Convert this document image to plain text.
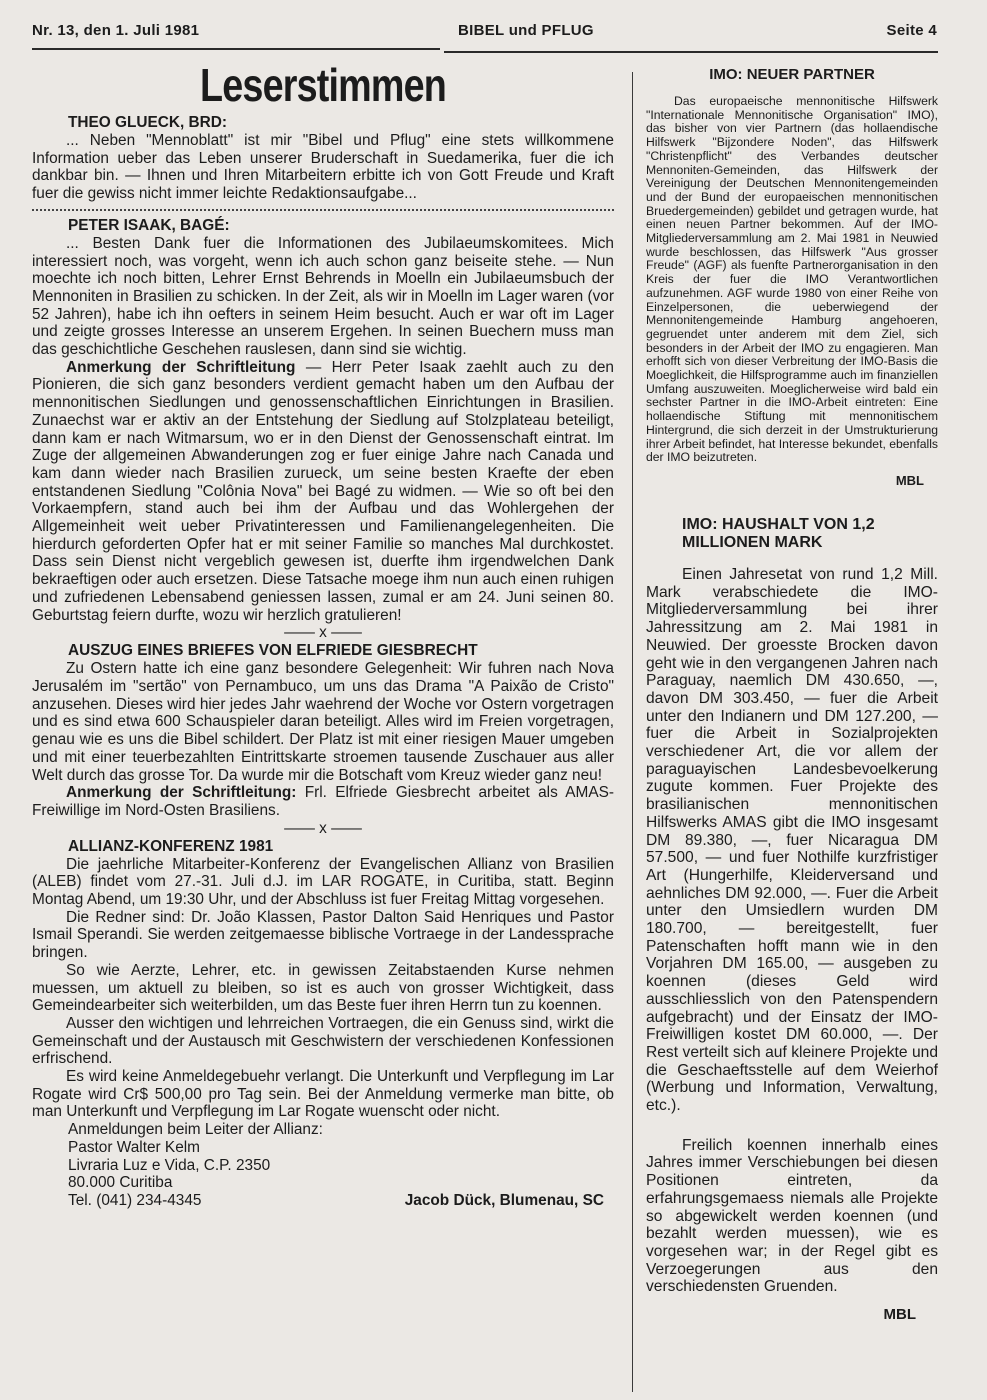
Nr. 13, den 1. Juli 1981	BIBEL und PFLUG	Seite 4
Leserstimmen

THEO GLUECK, BRD:

... Neben "Mennoblatt" ist mir "Bibel und Pflug" eine stets willkommene Information ueber das Leben unserer Bruderschaft in Suedamerika, fuer die ich dankbar bin. — Ihnen und Ihren Mitarbeitern erbitte ich von Gott Freude und Kraft fuer die gewiss nicht immer leichte Redaktionsaufgabe...

PETER ISAAK, BAGÉ:

... Besten Dank fuer die Informationen des Jubilaeumskomitees. Mich interessiert noch, was vorgeht, wenn ich auch schon ganz beiseite stehe. — Nun moechte ich noch bitten, Lehrer Ernst Behrends in Moelln ein Jubilaeumsbuch der Mennoniten in Brasilien zu schicken. In der Zeit, als wir in Moelln im Lager waren (vor 52 Jahren), habe ich ihn oefters in seinem Heim besucht. Auch er war oft im Lager und zeigte grosses Interesse an unserem Ergehen. In seinen Buechern muss man das geschichtliche Geschehen rauslesen, dann sind sie wichtig.

Anmerkung der Schriftleitung — Herr Peter Isaak zaehlt auch zu den Pionieren, die sich ganz besonders verdient gemacht haben um den Aufbau der mennonitischen Siedlungen und genossenschaftlichen Einrichtungen in Brasilien. Zunaechst war er aktiv an der Entstehung der Siedlung auf Stolzplateau beteiligt, dann kam er nach Witmarsum, wo er in den Dienst der Genossenschaft eintrat. Im Zuge der allgemeinen Abwanderungen zog er fuer einige Jahre nach Canada und kam dann wieder nach Brasilien zurueck, um seine besten Kraefte der eben entstandenen Siedlung "Colônia Nova" bei Bagé zu widmen. — Wie so oft bei den Vorkaempfern, stand auch bei ihm der Aufbau und das Wohlergehen der Allgemeinheit weit ueber Privatinteressen und Familienangelegenheiten. Die hierdurch geforderten Opfer hat er mit seiner Familie so manches Mal durchkostet. Dass sein Dienst nicht vergeblich gewesen ist, duerfte ihm irgendwelchen Dank bekraeftigen oder auch ersetzen. Diese Tatsache moege ihm nun auch einen ruhigen und zufriedenen Lebensabend geniessen lassen, zumal er am 24. Juni seinen 80. Geburtstag feiern durfte, wozu wir herzlich gratulieren!

—— x ——

AUSZUG EINES BRIEFES VON ELFRIEDE GIESBRECHT

Zu Ostern hatte ich eine ganz besondere Gelegenheit: Wir fuhren nach Nova Jerusalém im "sertão" von Pernambuco, um uns das Drama "A Paixão de Cristo" anzusehen. Dieses wird hier jedes Jahr waehrend der Woche vor Ostern vorgetragen und es sind etwa 600 Schauspieler daran beteiligt. Alles wird im Freien vorgetragen, genau wie es uns die Bibel schildert. Der Platz ist mit einer riesigen Mauer umgeben und mit einer teuerbezahlten Eintrittskarte stroemen tausende Zuschauer aus aller Welt durch das grosse Tor. Da wurde mir die Botschaft vom Kreuz wieder ganz neu!

Anmerkung der Schriftleitung: Frl. Elfriede Giesbrecht arbeitet als AMAS-Freiwillige im Nord-Osten Brasiliens.

—— x ——

ALLIANZ-KONFERENZ 1981

Die jaehrliche Mitarbeiter-Konferenz der Evangelischen Allianz von Brasilien (ALEB) findet vom 27.-31. Juli d.J. im LAR ROGATE, in Curitiba, statt. Beginn Montag Abend, um 19:30 Uhr, und der Abschluss ist fuer Freitag Mittag vorgesehen.

Die Redner sind: Dr. João Klassen, Pastor Dalton Said Henriques und Pastor Ismail Sperandi. Sie werden zeitgemaesse biblische Vortraege in der Landessprache bringen.

So wie Aerzte, Lehrer, etc. in gewissen Zeitabstaenden Kurse nehmen muessen, um aktuell zu bleiben, so ist es auch von grosser Wichtigkeit, dass Gemeindearbeiter sich weiterbilden, um das Beste fuer ihren Herrn tun zu koennen.

Ausser den wichtigen und lehrreichen Vortraegen, die ein Genuss sind, wirkt die Gemeinschaft und der Austausch mit Geschwistern der verschiedenen Konfessionen erfrischend.

Es wird keine Anmeldegebuehr verlangt. Die Unterkunft und Verpflegung im Lar Rogate wird Cr$ 500,00 pro Tag sein. Bei der Anmeldung vermerke man bitte, ob man Unterkunft und Verpflegung im Lar Rogate wuenscht oder nicht.

Anmeldungen beim Leiter der Allianz:

Pastor Walter Kelm

Livraria Luz e Vida, C.P. 2350

80.000 Curitiba

Tel. (041) 234-4345	Jacob Dück, Blumenau, SC

IMO: NEUER PARTNER

Das europaeische mennonitische Hilfswerk "Internationale Mennonitische Organisation" IMO), das bisher von vier Partnern (das hollaendische Hilfswerk "Bijzondere Noden", das Hilfswerk "Christenpflicht" des Verbandes deutscher Mennoniten-Gemeinden, das Hilfswerk der Vereinigung der Deutschen Mennonitengemeinden und der Bund der europaeischen mennonitischen Bruedergemeinden) gebildet und getragen wurde, hat einen neuen Partner bekommen. Auf der IMO-Mitgliederversammlung am 2. Mai 1981 in Neuwied wurde beschlossen, das Hilfswerk "Aus grosser Freude" (AGF) als fuenfte Partnerorganisation in den Kreis der fuer die IMO Verantwortlichen aufzunehmen. AGF wurde 1980 von einer Reihe von Einzelpersonen, die ueberwiegend der Mennonitengemeinde Hamburg angehoeren, gegruendet unter anderem mit dem Ziel, sich besonders in der Arbeit der IMO zu engagieren. Man erhofft sich von dieser Verbreitung der IMO-Basis die Moeglichkeit, die Hilfsprogramme auch im finanziellen Umfang auszuweiten. Moeglicherweise wird bald ein sechster Partner in die IMO-Arbeit eintreten: Eine hollaendische Stiftung mit mennonitischem Hintergrund, die sich derzeit in der Umstrukturierung ihrer Arbeit befindet, hat Interesse bekundet, ebenfalls der IMO beizutreten.

MBL

IMO: HAUSHALT VON 1,2 MILLIONEN MARK

Einen Jahresetat von rund 1,2 Mill. Mark verabschiedete die IMO-Mitgliederversammlung bei ihrer Jahressitzung am 2. Mai 1981 in Neuwied. Der groesste Brocken davon geht wie in den vergangenen Jahren nach Paraguay, naemlich DM 430.650, —, davon DM 303.450, — fuer die Arbeit unter den Indianern und DM 127.200, — fuer die Arbeit in Sozialprojekten verschiedener Art, die vor allem der paraguayischen Landesbevoelkerung zugute kommen. Fuer Projekte des brasilianischen mennonitischen Hilfswerks AMAS gibt die IMO insgesamt DM 89.380, —, fuer Nicaragua DM 57.500, — und fuer Nothilfe kurzfristiger Art (Hungerhilfe, Kleiderversand und aehnliches DM 92.000, —. Fuer die Arbeit unter den Umsiedlern wurden DM 180.700, — bereitgestellt, fuer Patenschaften hofft mann wie in den Vorjahren DM 165.00, — ausgeben zu koennen (dieses Geld wird ausschliesslich von den Patenspendern aufgebracht) und der Einsatz der IMO-Freiwilligen kostet DM 60.000, —. Der Rest verteilt sich auf kleinere Projekte und die Geschaeftsstelle auf dem Weierhof (Werbung und Information, Verwaltung, etc.).

Freilich koennen innerhalb eines Jahres immer Verschiebungen bei diesen Positionen eintreten, da erfahrungsgemaess niemals alle Projekte so abgewickelt werden koennen (und bezahlt werden muessen), wie es vorgesehen war; in der Regel gibt es Verzoegerungen aus den verschiedensten Gruenden.

MBL
